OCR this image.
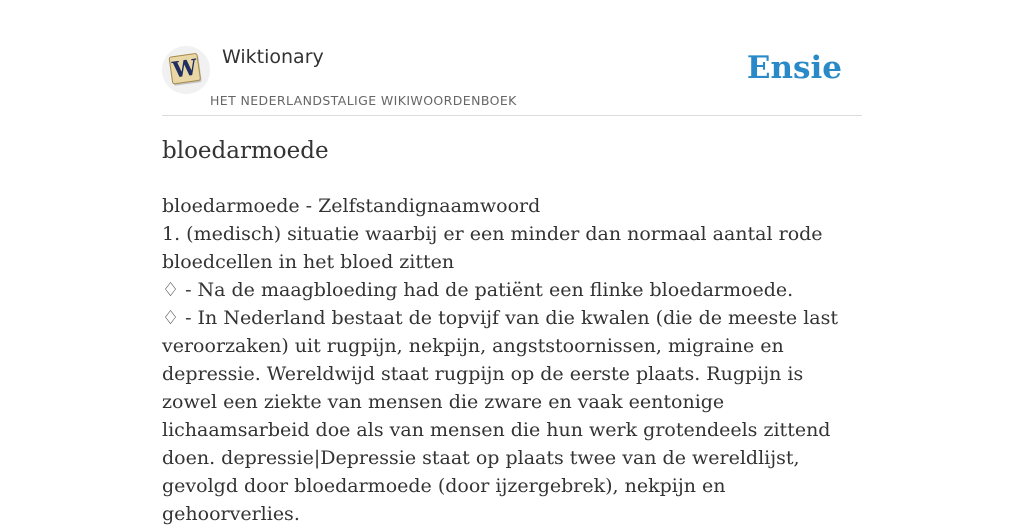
W Wiktionary
HET NEDERLANDSTALIGE WIKIWOORDENBOEK
Ensie
bloedarmoede

bloedarmoede - Zelfstandignaamwoord

1. (medisch) situatie waarbij er een minder dan normaal aantal rode bloedcellen in het bloed zitten

♢ - Na de maagbloeding had de patiënt een flinke bloedarmoede.

♢ - In Nederland bestaat de topvijf van die kwalen (die de meeste last veroorzaken) uit rugpijn, nekpijn, angststoornissen, migraine en depressie. Wereldwijd staat rugpijn op de eerste plaats. Rugpijn is zowel een ziekte van mensen die zware en vaak eentonige lichaamsarbeid doe als van mensen die hun werk grotendeels zittend doen. depressie|Depressie staat op plaats twee van de wereldlijst, gevolgd door bloedarmoede (door ijzergebrek), nekpijn en gehoorverlies.
